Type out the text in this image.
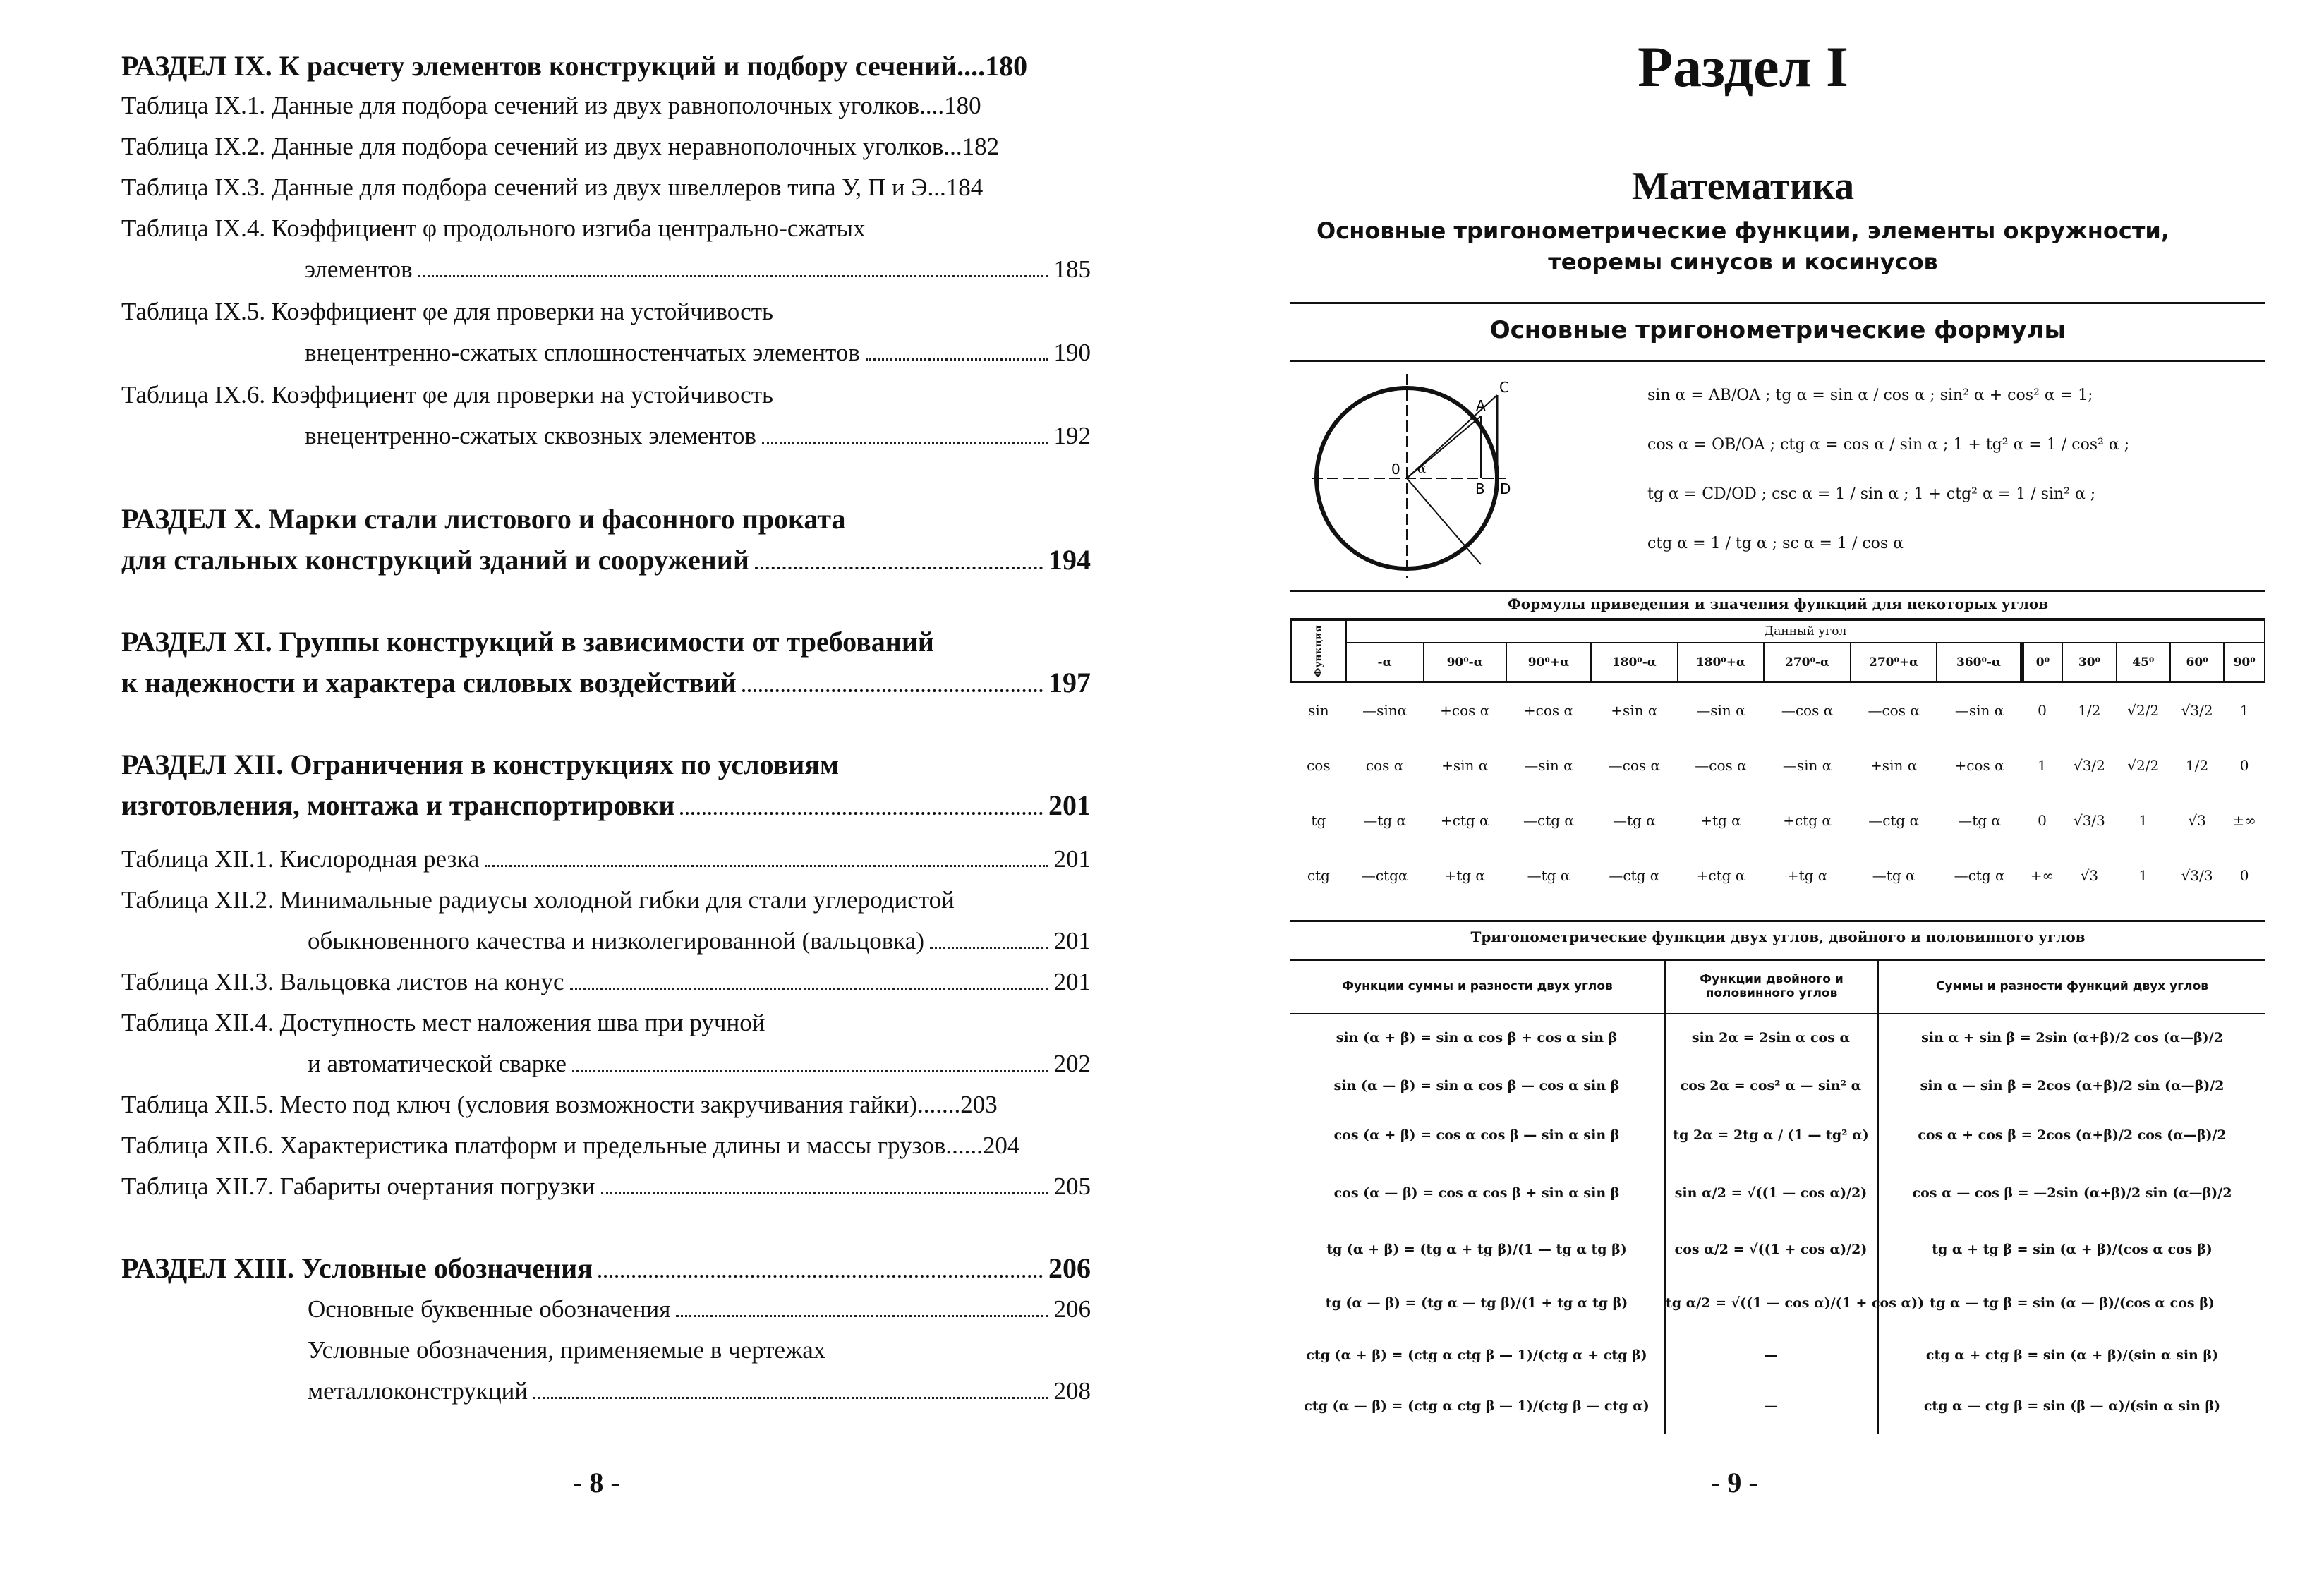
РАЗДЕЛ IX. К расчету элементов конструкций и подбору сечений....180
Таблица IX.1. Данные для подбора сечений из двух равнополочных уголков....180
Таблица IX.2. Данные для подбора сечений из двух неравнополочных уголков...182
Таблица IX.3. Данные для подбора сечений из двух швеллеров типа У, П и Э...184
Таблица IX.4. Коэффициент φ продольного изгиба центрально-сжатых
элементов	185
Таблица IX.5. Коэффициент φe для проверки на устойчивость
внецентренно-сжатых сплошностенчатых элементов	190
Таблица IX.6. Коэффициент φe для проверки на устойчивость
внецентренно-сжатых сквозных элементов	192
РАЗДЕЛ X. Марки стали листового и фасонного проката
для стальных конструкций зданий и сооружений	194
РАЗДЕЛ XI. Группы конструкций в зависимости от требований
к надежности и характера силовых воздействий	197
РАЗДЕЛ XII. Ограничения в конструкциях по условиям
изготовления, монтажа и транспортировки	201
Таблица XII.1. Кислородная резка	201
Таблица XII.2. Минимальные радиусы холодной гибки для стали углеродистой
обыкновенного качества и низколегированной (вальцовка)	201
Таблица XII.3. Вальцовка листов на конус	201
Таблица XII.4. Доступность мест наложения шва при ручной
и автоматической сварке	202
Таблица XII.5. Место под ключ (условия возможности закручивания гайки).......203
Таблица XII.6. Характеристика платформ и предельные длины и массы грузов......204
Таблица XII.7. Габариты очертания погрузки	205
РАЗДЕЛ XIII. Условные обозначения	206
Основные буквенные обозначения	206
Условные обозначения, применяемые в чертежах
металлоконструкций	208
- 8 -
Раздел I
Математика
Основные тригонометрические функции, элементы окружности,
теоремы синусов и косинусов
Основные тригонометрические формулы
A
C
0
B D
α
sin α = AB/OA ; tg α = sin α / cos α ; sin² α + cos² α = 1;
cos α = OB/OA ; ctg α = cos α / sin α ; 1 + tg² α = 1 / cos² α ;
tg α = CD/OD ; csc α = 1 / sin α ; 1 + ctg² α = 1 / sin² α ;
ctg α = 1 / tg α ; sc α = 1 / cos α
Формулы приведения и значения функций для некоторых углов
Функция	Данный угол												
	-α	90⁰-α	90⁰+α	180⁰-α	180⁰+α	270⁰-α	270⁰+α	360⁰-α	0⁰	30⁰	45⁰	60⁰	90⁰
sin	—sinα	+cos α	+cos α	+sin α	—sin α	—cos α	—cos α	—sin α	0	1/2	√2/2	√3/2	1
cos	cos α	+sin α	—sin α	—cos α	—cos α	—sin α	+sin α	+cos α	1	√3/2	√2/2	1/2	0
tg	—tg α	+ctg α	—ctg α	—tg α	+tg α	+ctg α	—ctg α	—tg α	0	√3/3	1	√3	±∞
ctg	—ctgα	+tg α	—tg α	—ctg α	+ctg α	+tg α	—tg α	—ctg α	+∞	√3	1	√3/3	0
Тригонометрические функции двух углов, двойного и половинного углов
Функции суммы и разности двух углов	Функции двойного и половинного углов	Суммы и разности функций двух углов
sin (α + β) = sin α cos β + cos α sin β	sin 2α = 2sin α cos α	sin α + sin β = 2sin (α+β)/2 cos (α—β)/2
sin (α — β) = sin α cos β — cos α sin β	cos 2α = cos² α — sin² α	sin α — sin β = 2cos (α+β)/2 sin (α—β)/2
cos (α + β) = cos α cos β — sin α sin β	tg 2α = 2tg α / (1 — tg² α)	cos α + cos β = 2cos (α+β)/2 cos (α—β)/2
cos (α — β) = cos α cos β + sin α sin β	sin α/2 = √((1 — cos α)/2)	cos α — cos β = —2sin (α+β)/2 sin (α—β)/2
tg (α + β) = (tg α + tg β)/(1 — tg α tg β)	cos α/2 = √((1 + cos α)/2)	tg α + tg β = sin (α + β)/(cos α cos β)
tg (α — β) = (tg α — tg β)/(1 + tg α tg β)	tg α/2 = √((1 — cos α)/(1 + cos α)) tg α — tg β = sin (α — β)/(cos α cos β)
ctg (α + β) = (ctg α ctg β — 1)/(ctg α + ctg β)	—	ctg α + ctg β = sin (α + β)/(sin α sin β)
ctg (α — β) = (ctg α ctg β — 1)/(ctg β — ctg α)	—	ctg α — ctg β = sin (β — α)/(sin α sin β)
- 9 -
